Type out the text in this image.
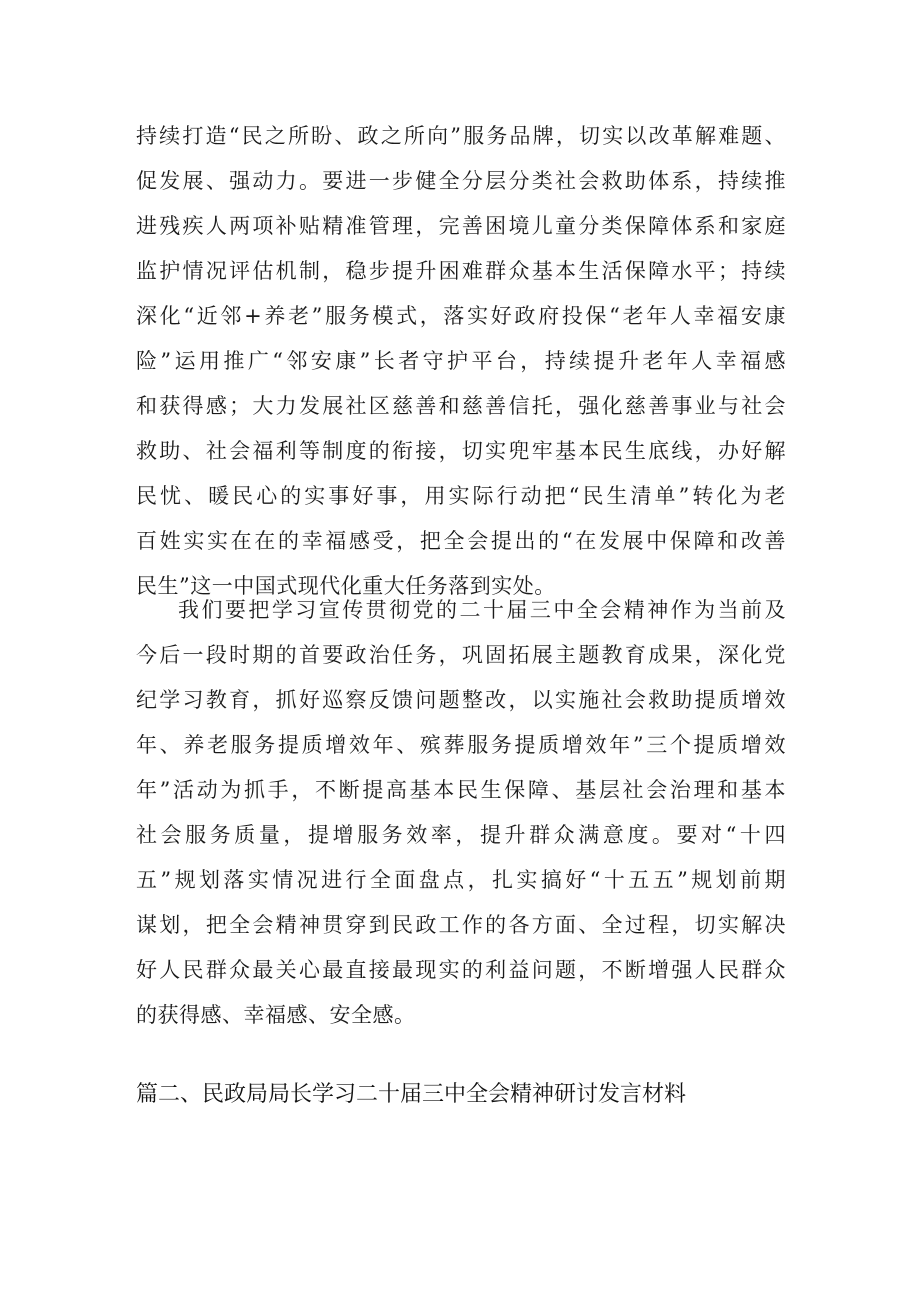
持续打造“民之所盼、政之所向”服务品牌，切实以改革解难题、
促发展、强动力。要进一步健全分层分类社会救助体系，持续推
进残疾人两项补贴精准管理，完善困境儿童分类保障体系和家庭
监护情况评估机制，稳步提升困难群众基本生活保障水平；持续
深化“近邻+养老”服务模式，落实好政府投保“老年人幸福安康
险”运用推广“邻安康”长者守护平台，持续提升老年人幸福感
和获得感；大力发展社区慈善和慈善信托，强化慈善事业与社会
救助、社会福利等制度的衔接，切实兜牢基本民生底线，办好解
民忧、暖民心的实事好事，用实际行动把“民生清单”转化为老
百姓实实在在的幸福感受，把全会提出的“在发展中保障和改善
民生”这一中国式现代化重大任务落到实处。
我们要把学习宣传贯彻党的二十届三中全会精神作为当前及
今后一段时期的首要政治任务，巩固拓展主题教育成果，深化党
纪学习教育，抓好巡察反馈问题整改，以实施社会救助提质增效
年、养老服务提质增效年、殡葬服务提质增效年”三个提质增效
年”活动为抓手，不断提高基本民生保障、基层社会治理和基本
社会服务质量，提增服务效率，提升群众满意度。要对“十四
五”规划落实情况进行全面盘点，扎实搞好“十五五”规划前期
谋划，把全会精神贯穿到民政工作的各方面、全过程，切实解决
好人民群众最关心最直接最现实的利益问题，不断增强人民群众
的获得感、幸福感、安全感。
篇二、民政局局长学习二十届三中全会精神研讨发言材料
